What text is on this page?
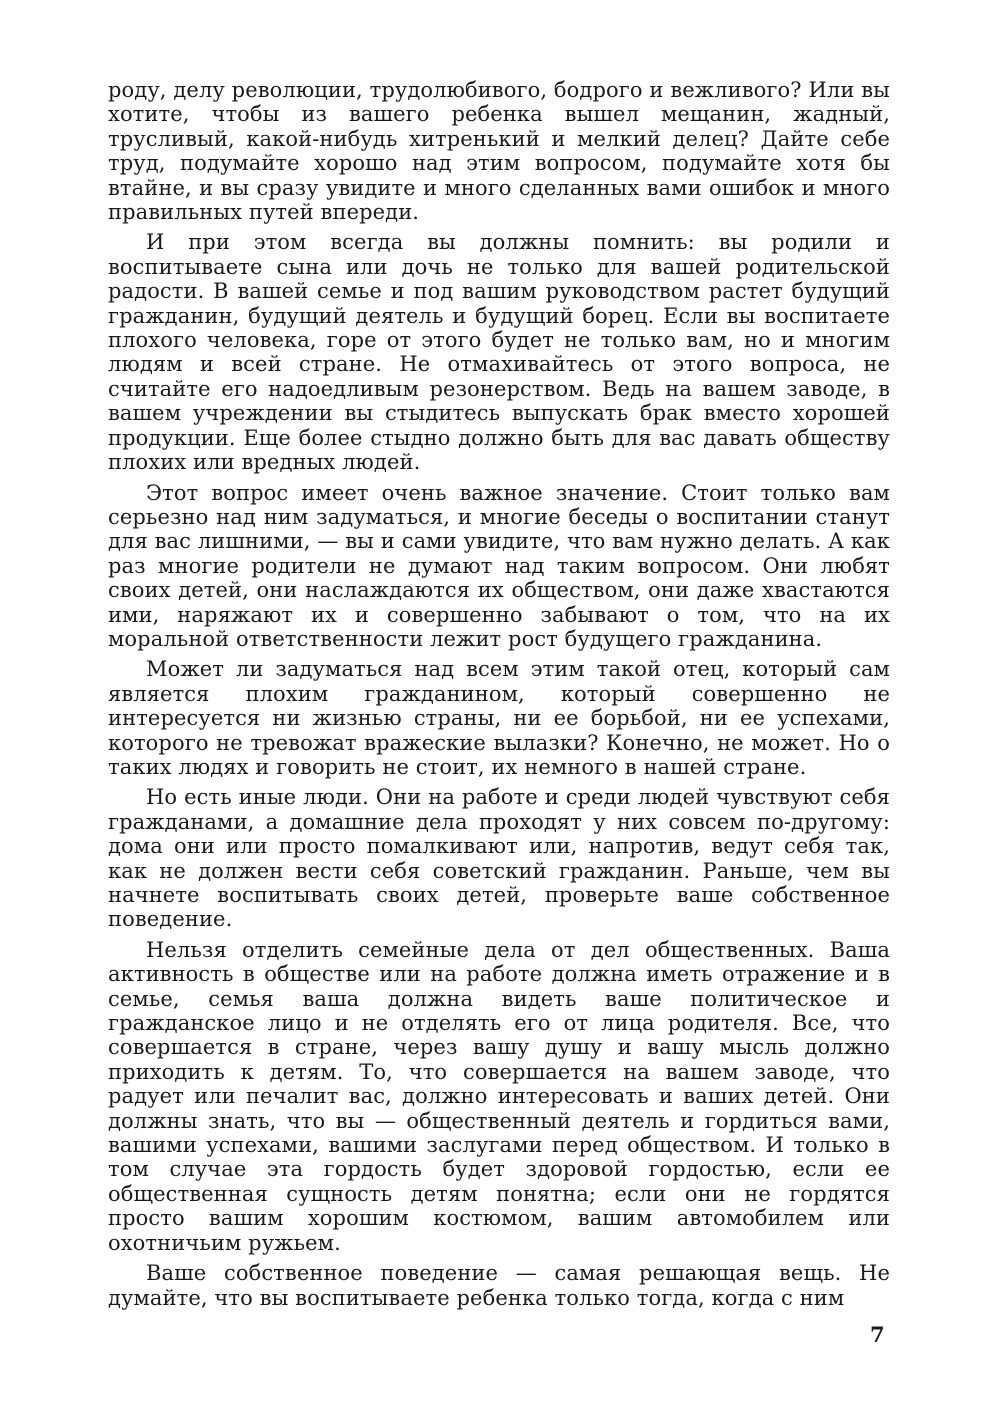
роду, делу революции, трудолюбивого, бодрого и вежливого? Или вы хотите, чтобы из вашего ребенка вышел мещанин, жадный, трусливый, какой-нибудь хитренький и мелкий делец? Дайте себе труд, подумайте хорошо над этим вопросом, подумайте хотя бы втайне, и вы сразу увидите и много сделанных вами ошибок и много правильных путей впереди.

И при этом всегда вы должны помнить: вы родили и воспитываете сына или дочь не только для вашей родительской радости. В вашей семье и под вашим руководством растет будущий гражданин, будущий деятель и будущий борец. Если вы воспитаете плохого человека, горе от этого будет не только вам, но и многим людям и всей стране. Не отмахивайтесь от этого вопроса, не считайте его надоедливым резонерством. Ведь на вашем заводе, в вашем учреждении вы стыдитесь выпускать брак вместо хорошей продукции. Еще более стыдно должно быть для вас давать обществу плохих или вредных людей.

Этот вопрос имеет очень важное значение. Стоит только вам серьезно над ним задуматься, и многие беседы о воспитании станут для вас лишними, — вы и сами увидите, что вам нужно делать. А как раз многие родители не думают над таким вопросом. Они любят своих детей, они наслаждаются их обществом, они даже хвастаются ими, наряжают их и совершенно забывают о том, что на их моральной ответственности лежит рост будущего гражданина.

Может ли задуматься над всем этим такой отец, который сам является плохим гражданином, который совершенно не интересуется ни жизнью страны, ни ее борьбой, ни ее успехами, которого не тревожат вражеские вылазки? Конечно, не может. Но о таких людях и говорить не стоит, их немного в нашей стране.

Но есть иные люди. Они на работе и среди людей чувствуют себя гражданами, а домашние дела проходят у них совсем по-другому: дома они или просто помалкивают или, напротив, ведут себя так, как не должен вести себя советский гражданин. Раньше, чем вы начнете воспитывать своих детей, проверьте ваше собственное поведение.

Нельзя отделить семейные дела от дел общественных. Ваша активность в обществе или на работе должна иметь отражение и в семье, семья ваша должна видеть ваше политическое и гражданское лицо и не отделять его от лица родителя. Все, что совершается в стране, через вашу душу и вашу мысль должно приходить к детям. То, что совершается на вашем заводе, что радует или печалит вас, должно интересовать и ваших детей. Они должны знать, что вы — общественный деятель и гордиться вами, вашими успехами, вашими заслугами перед обществом. И только в том случае эта гордость будет здоровой гордостью, если ее общественная сущность детям понятна; если они не гордятся просто вашим хорошим костюмом, вашим автомобилем или охотничьим ружьем.

Ваше собственное поведение — самая решающая вещь. Не думайте, что вы воспитываете ребенка только тогда, когда с ним

7
